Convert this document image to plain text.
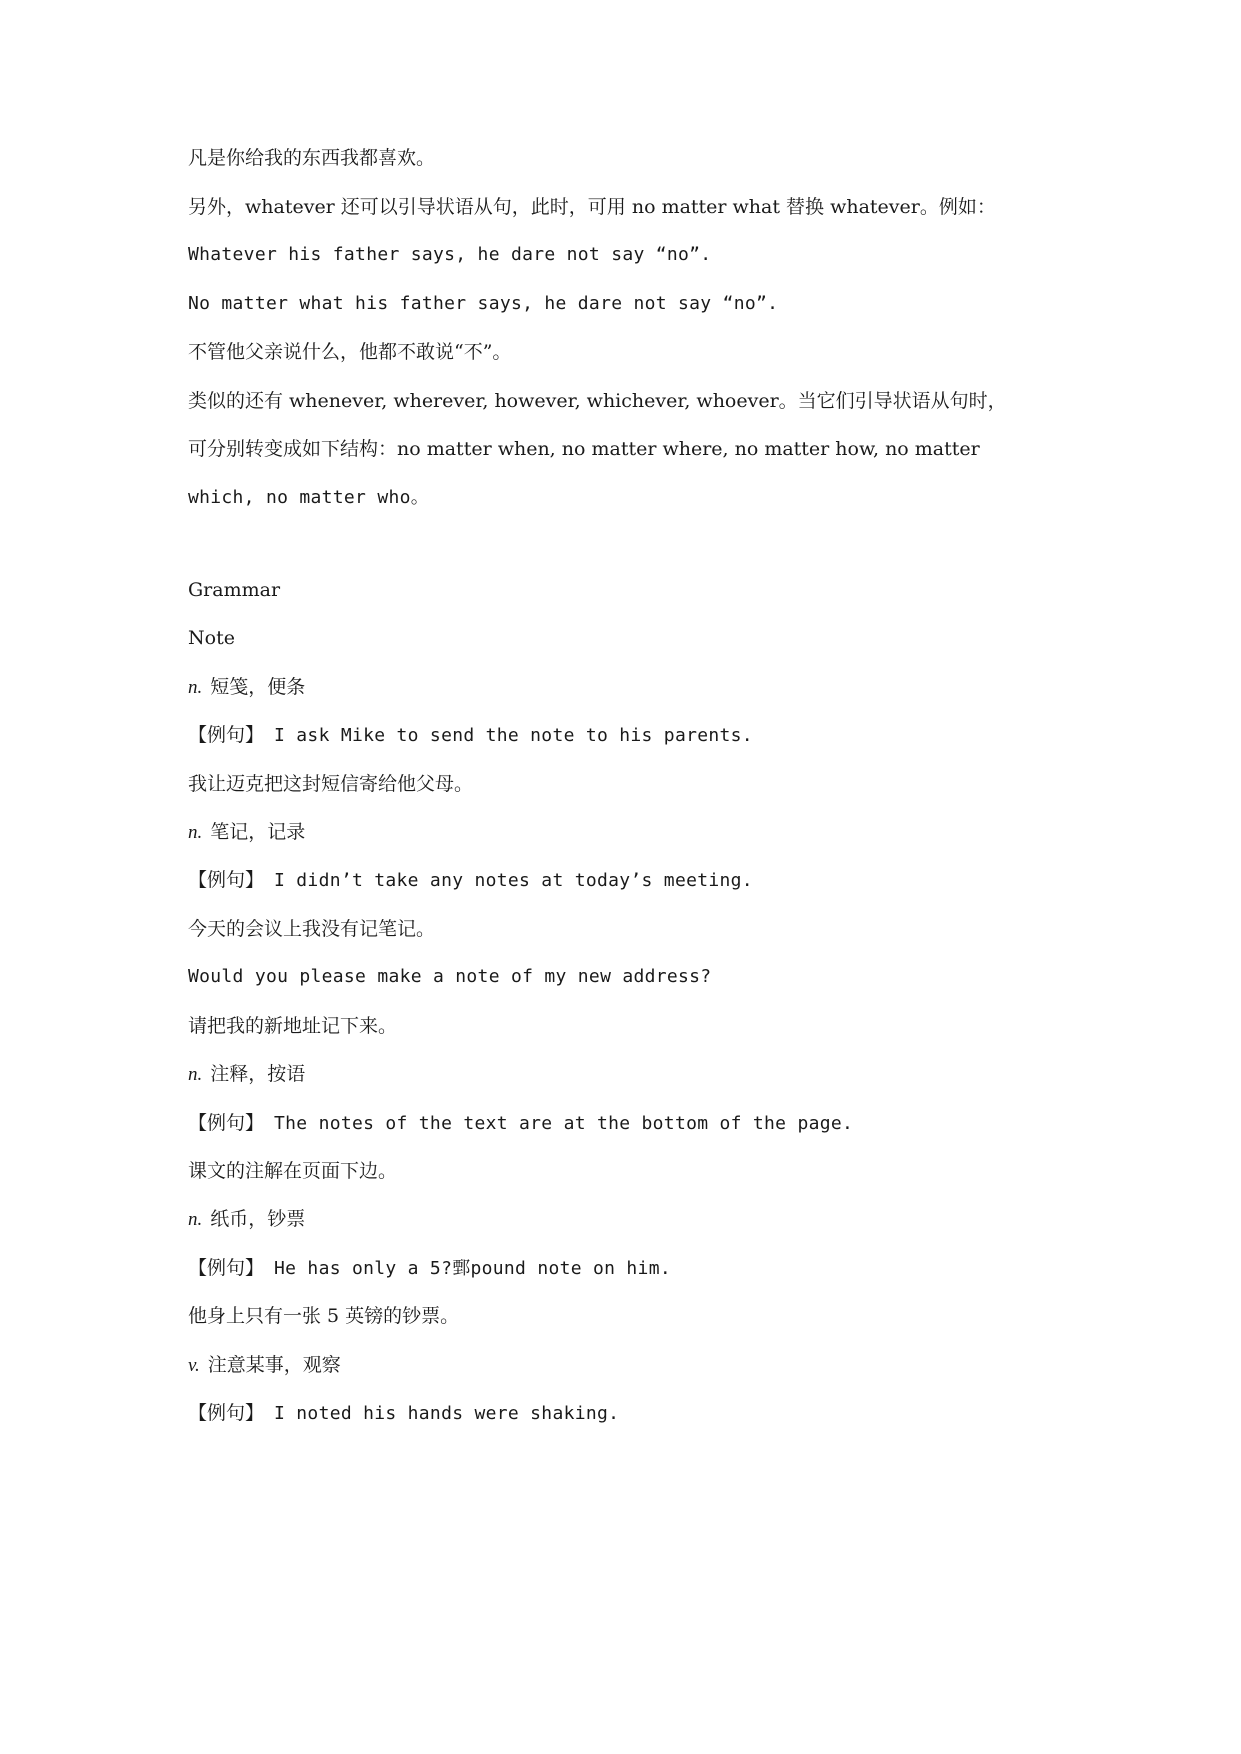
凡是你给我的东西我都喜欢。
另外，whatever 还可以引导状语从句，此时，可用 no matter what 替换 whatever。例如：
Whatever his father says, he dare not say “no”.
No matter what his father says, he dare not say “no”.
不管他父亲说什么，他都不敢说“不”。
类似的还有 whenever, wherever, however, whichever, whoever。当它们引导状语从句时，
可分别转变成如下结构：no matter when, no matter where, no matter how, no matter
which, no matter who。
Grammar
Note
n. 短笺，便条
【例句】 I ask Mike to send the note to his parents.
我让迈克把这封短信寄给他父母。
n. 笔记，记录
【例句】 I didn’t take any notes at today’s meeting.
今天的会议上我没有记笔记。
Would you please make a note of my new address?
请把我的新地址记下来。
n. 注释，按语
【例句】 The notes of the text are at the bottom of the page.
课文的注解在页面下边。
n. 纸币，钞票
【例句】 He has only a 5?鄄pound note on him.
他身上只有一张 5 英镑的钞票。
v. 注意某事，观察
【例句】 I noted his hands were shaking.
